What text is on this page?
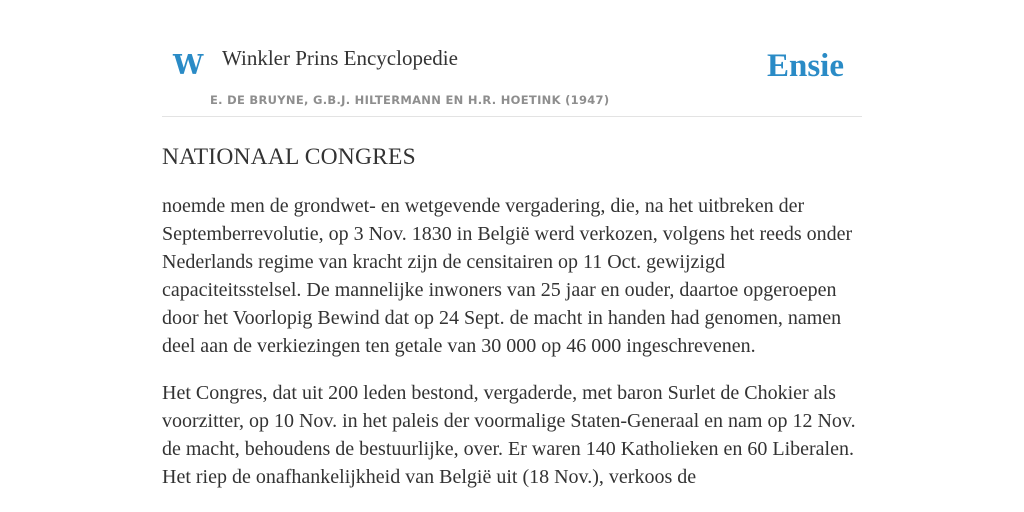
W Winkler Prins Encyclopedie
E. DE BRUYNE, G.B.J. HILTERMANN EN H.R. HOETINK (1947)
Ensie
NATIONAAL CONGRES

noemde men de grondwet- en wetgevende vergadering, die, na het uitbreken der Septemberrevolutie, op 3 Nov. 1830 in België werd verkozen, volgens het reeds onder Nederlands regime van kracht zijn de censitairen op 11 Oct. gewijzigd capaciteitsstelsel. De mannelijke inwoners van 25 jaar en ouder, daartoe opgeroepen door het Voorlopig Bewind dat op 24 Sept. de macht in handen had genomen, namen deel aan de verkiezingen ten getale van 30 000 op 46 000 ingeschrevenen.

Het Congres, dat uit 200 leden bestond, vergaderde, met baron Surlet de Chokier als voorzitter, op 10 Nov. in het paleis der voormalige Staten-Generaal en nam op 12 Nov. de macht, behoudens de bestuurlijke, over. Er waren 140 Katholieken en 60 Liberalen. Het riep de onafhankelijkheid van België uit (18 Nov.), verkoos de
